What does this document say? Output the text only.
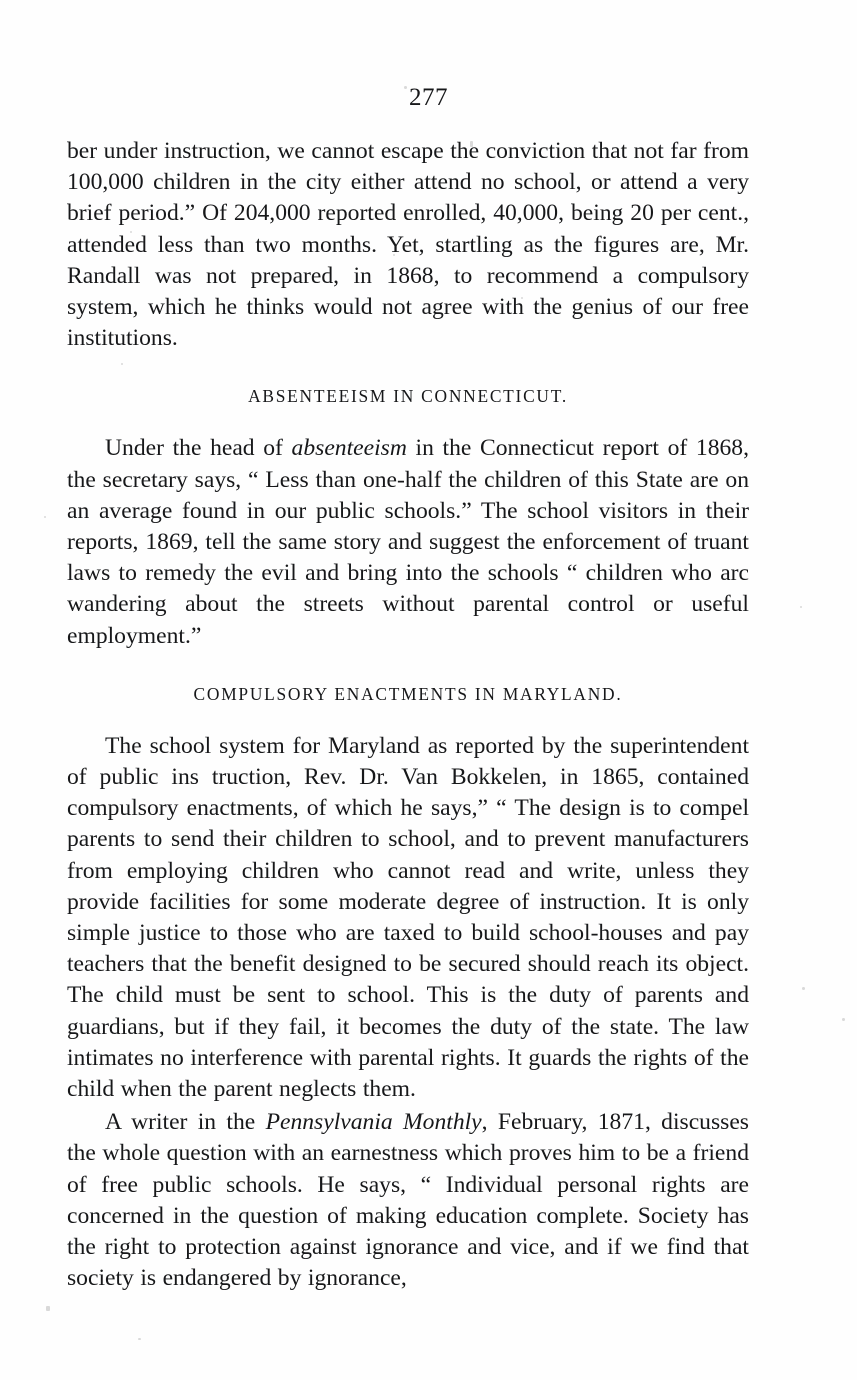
277

ber under instruction, we cannot escape the conviction that not far from 100,000 children in the city either attend no school, or attend a very brief period.” Of 204,000 reported enrolled, 40,000, being 20 per cent., attended less than two months. Yet, startling as the figures are, Mr. Randall was not prepared, in 1868, to recommend a compulsory system, which he thinks would not agree with the genius of our free institutions.

ABSENTEEISM IN CONNECTICUT.

Under the head of absenteeism in the Connecticut report of 1868, the secretary says, “ Less than one-half the children of this State are on an average found in our public schools.” The school visitors in their reports, 1869, tell the same story and suggest the enforcement of truant laws to remedy the evil and bring into the schools “ children who arc wandering about the streets without parental control or useful employment.”

COMPULSORY ENACTMENTS IN MARYLAND.

The school system for Maryland as reported by the superintendent of public ins truction, Rev. Dr. Van Bokkelen, in 1865, contained compulsory enactments, of which he says,” “ The design is to compel parents to send their children to school, and to prevent manufacturers from employing children who cannot read and write, unless they provide facilities for some moderate degree of instruction. It is only simple justice to those who are taxed to build school-houses and pay teachers that the benefit designed to be secured should reach its object. The child must be sent to school. This is the duty of parents and guardians, but if they fail, it becomes the duty of the state. The law intimates no interference with parental rights. It guards the rights of the child when the parent neglects them.

A writer in the Pennsylvania Monthly, February, 1871, discusses the whole question with an earnestness which proves him to be a friend of free public schools. He says, “ Individual personal rights are concerned in the question of making education complete. Society has the right to protection against ignorance and vice, and if we find that society is endangered by ignorance,
